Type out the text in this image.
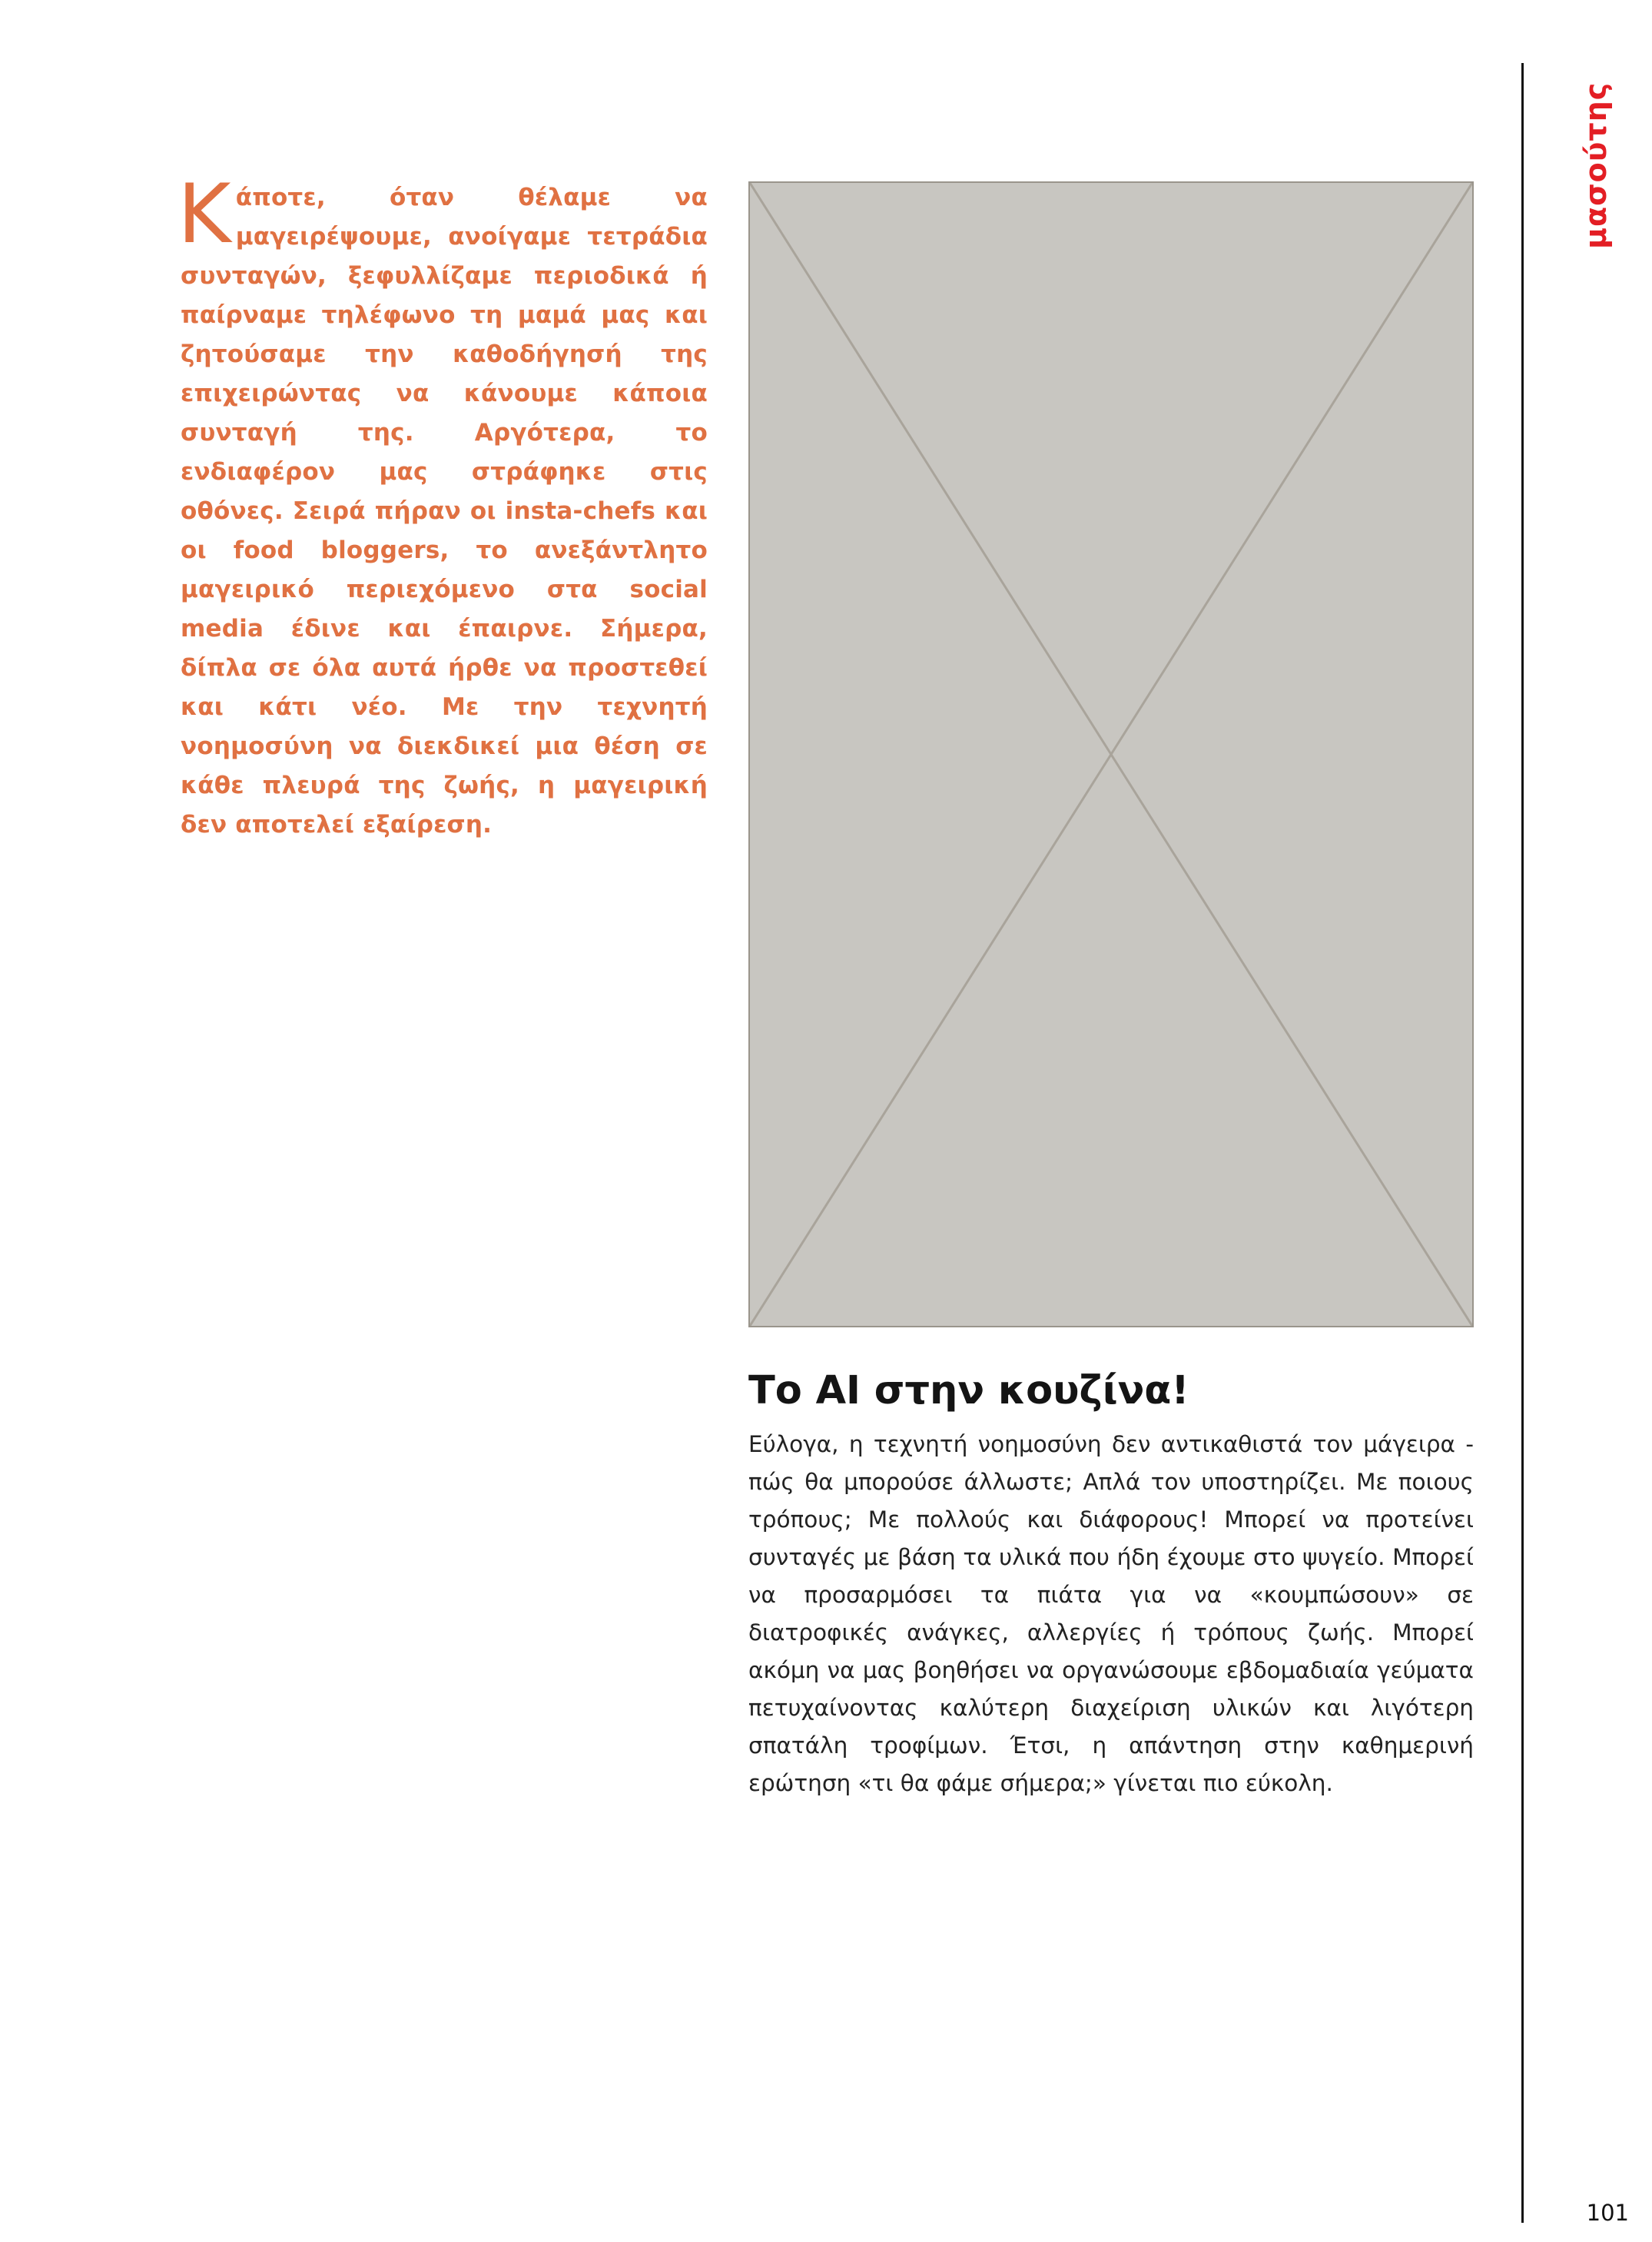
μασούτης

Κάποτε, όταν θέλαμε να μαγειρέψουμε, ανοίγαμε τετράδια συνταγών, ξεφυλλίζαμε περιοδικά ή παίρναμε τηλέφωνο τη μαμά μας και ζητούσαμε την καθοδήγησή της επιχειρώντας να κάνουμε κάποια συνταγή της. Αργότερα, το ενδιαφέρον μας στράφηκε στις οθόνες. Σειρά πήραν οι insta-chefs και οι food bloggers, το ανεξάντλητο μαγειρικό περιεχόμενο στα social media έδινε και έπαιρνε. Σήμερα, δίπλα σε όλα αυτά ήρθε να προστεθεί και κάτι νέο. Με την τεχνητή νοημοσύνη να διεκδικεί μια θέση σε κάθε πλευρά της ζωής, η μαγειρική δεν αποτελεί εξαίρεση.

Το AI στην κουζίνα!

Εύλογα, η τεχνητή νοημοσύνη δεν αντικαθιστά τον μάγειρα - πώς θα μπορούσε άλλωστε; Απλά τον υποστηρίζει. Με ποιους τρόπους; Με πολλούς και διάφορους! Μπορεί να προτείνει συνταγές με βάση τα υλικά που ήδη έχουμε στο ψυγείο. Μπορεί να προσαρμόσει τα πιάτα για να «κουμπώσουν» σε διατροφικές ανάγκες, αλλεργίες ή τρόπους ζωής. Μπορεί ακόμη να μας βοηθήσει να οργανώσουμε εβδομαδιαία γεύματα πετυχαίνοντας καλύτερη διαχείριση υλικών και λιγότερη σπατάλη τροφίμων. Έτσι, η απάντηση στην καθημερινή ερώτηση «τι θα φάμε σήμερα;» γίνεται πιο εύκολη.

101
